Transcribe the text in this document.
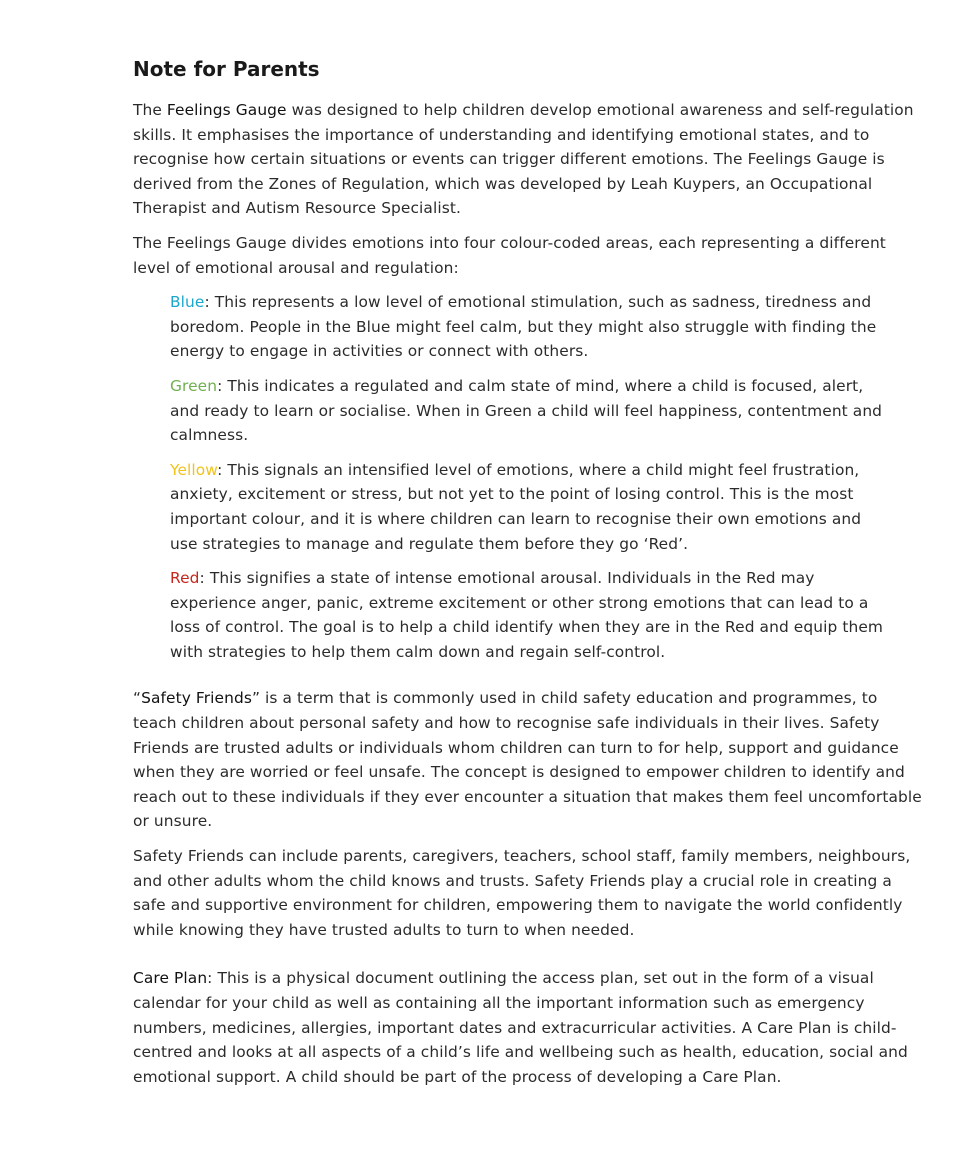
Note for Parents

The Feelings Gauge was designed to help children develop emotional awareness and self-regulation skills. It emphasises the importance of understanding and identifying emotional states, and to recognise how certain situations or events can trigger different emotions. The Feelings Gauge is derived from the Zones of Regulation, which was developed by Leah Kuypers, an Occupational Therapist and Autism Resource Specialist.

The Feelings Gauge divides emotions into four colour-coded areas, each representing a different level of emotional arousal and regulation:

Blue: This represents a low level of emotional stimulation, such as sadness, tiredness and boredom. People in the Blue might feel calm, but they might also struggle with finding the energy to engage in activities or connect with others.

Green: This indicates a regulated and calm state of mind, where a child is focused, alert, and ready to learn or socialise. When in Green a child will feel happiness, contentment and calmness.

Yellow: This signals an intensified level of emotions, where a child might feel frustration, anxiety, excitement or stress, but not yet to the point of losing control. This is the most important colour, and it is where children can learn to recognise their own emotions and use strategies to manage and regulate them before they go ‘Red’.

Red: This signifies a state of intense emotional arousal. Individuals in the Red may experience anger, panic, extreme excitement or other strong emotions that can lead to a loss of control. The goal is to help a child identify when they are in the Red and equip them with strategies to help them calm down and regain self-control.

“Safety Friends” is a term that is commonly used in child safety education and programmes, to teach children about personal safety and how to recognise safe individuals in their lives. Safety Friends are trusted adults or individuals whom children can turn to for help, support and guidance when they are worried or feel unsafe. The concept is designed to empower children to identify and reach out to these individuals if they ever encounter a situation that makes them feel uncomfortable or unsure.

Safety Friends can include parents, caregivers, teachers, school staff, family members, neighbours, and other adults whom the child knows and trusts. Safety Friends play a crucial role in creating a safe and supportive environment for children, empowering them to navigate the world confidently while knowing they have trusted adults to turn to when needed.

Care Plan: This is a physical document outlining the access plan, set out in the form of a visual calendar for your child as well as containing all the important information such as emergency numbers, medicines, allergies, important dates and extracurricular activities. A Care Plan is child-centred and looks at all aspects of a child’s life and wellbeing such as health, education, social and emotional support. A child should be part of the process of developing a Care Plan.
